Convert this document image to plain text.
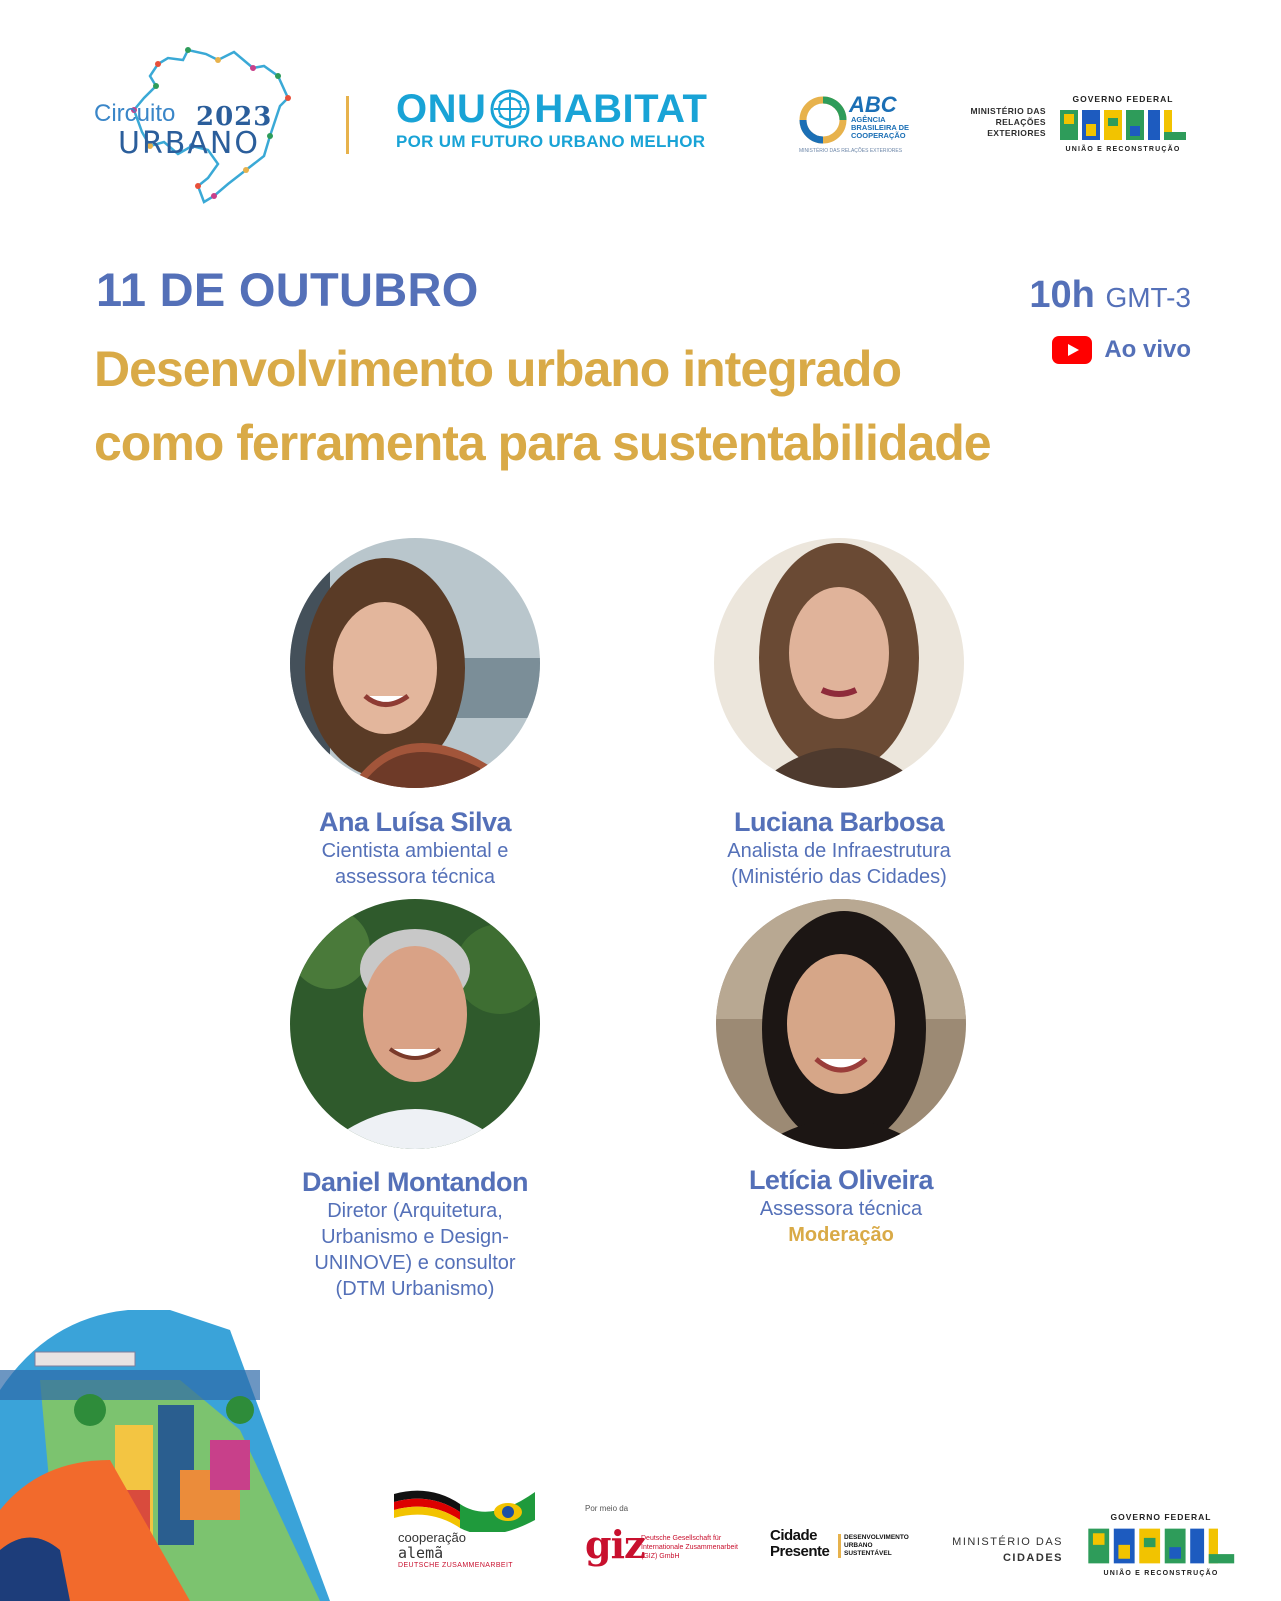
Circuito 2023
URBANO
ONU HABITAT
POR UM FUTURO URBANO MELHOR
ABC
AGÊNCIA BRASILEIRA DE COOPERAÇÃO
MINISTÉRIO DAS RELAÇÕES EXTERIORES
MINISTÉRIO DAS
RELAÇÕES
EXTERIORES
GOVERNO FEDERAL
UNIÃO E RECONSTRUÇÃO
11 DE OUTUBRO
Desenvolvimento urbano integrado
como ferramenta para sustentabilidade
10h GMT-3
Ao vivo
Ana Luísa Silva
Cientista ambiental e
assessora técnica
Luciana Barbosa
Analista de Infraestrutura
(Ministério das Cidades)
Daniel Montandon
Diretor (Arquitetura,
Urbanismo e Design-
UNINOVE) e consultor
(DTM Urbanismo)
Letícia Oliveira
Assessora técnica
Moderação
cooperação
alemã
DEUTSCHE ZUSAMMENARBEIT
Por meio da
giz
Deutsche Gesellschaft für Internationale Zusammenarbeit (GIZ) GmbH
Cidade
Presente
DESENVOLVIMENTO
URBANO
SUSTENTÁVEL
MINISTÉRIO DAS
CIDADES
GOVERNO FEDERAL
UNIÃO E RECONSTRUÇÃO
